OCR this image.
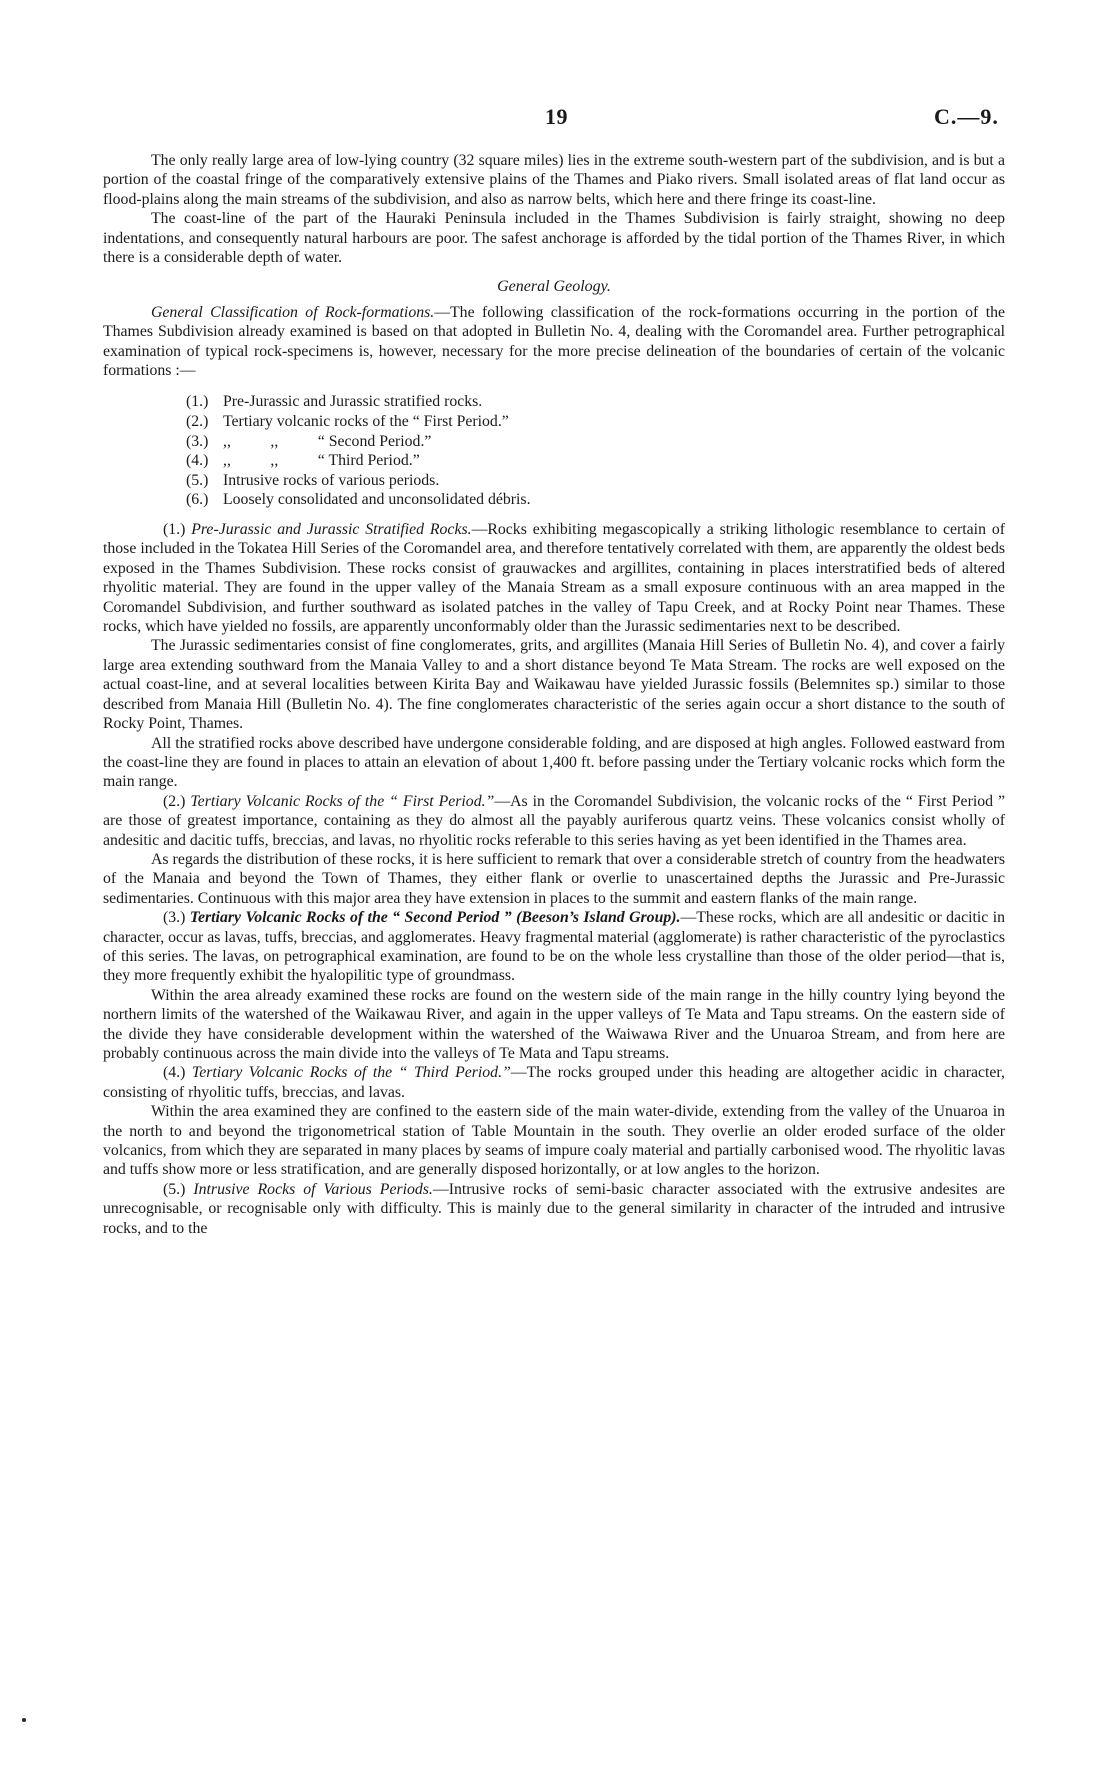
19	C.—9.

The only really large area of low-lying country (32 square miles) lies in the extreme south-western part of the subdivision, and is but a portion of the coastal fringe of the comparatively extensive plains of the Thames and Piako rivers. Small isolated areas of flat land occur as flood-plains along the main streams of the subdivision, and also as narrow belts, which here and there fringe its coast-line.

The coast-line of the part of the Hauraki Peninsula included in the Thames Subdivision is fairly straight, showing no deep indentations, and consequently natural harbours are poor. The safest anchorage is afforded by the tidal portion of the Thames River, in which there is a considerable depth of water.

General Geology.

General Classification of Rock-formations.—The following classification of the rock-formations occurring in the portion of the Thames Subdivision already examined is based on that adopted in Bulletin No. 4, dealing with the Coromandel area. Further petrographical examination of typical rock-specimens is, however, necessary for the more precise delineation of the boundaries of certain of the volcanic formations :—

(1.) Pre-Jurassic and Jurassic stratified rocks.
(2.) Tertiary volcanic rocks of the “ First Period.”
(3.) ,,          ,,          “ Second Period.”
(4.) ,,          ,,          “ Third Period.”
(5.) Intrusive rocks of various periods.
(6.) Loosely consolidated and unconsolidated débris.

(1.) Pre-Jurassic and Jurassic Stratified Rocks.—Rocks exhibiting megascopically a striking lithologic resemblance to certain of those included in the Tokatea Hill Series of the Coromandel area, and therefore tentatively correlated with them, are apparently the oldest beds exposed in the Thames Subdivision. These rocks consist of grauwackes and argillites, containing in places interstratified beds of altered rhyolitic material. They are found in the upper valley of the Manaia Stream as a small exposure continuous with an area mapped in the Coromandel Subdivision, and further southward as isolated patches in the valley of Tapu Creek, and at Rocky Point near Thames. These rocks, which have yielded no fossils, are apparently unconformably older than the Jurassic sedimentaries next to be described.

The Jurassic sedimentaries consist of fine conglomerates, grits, and argillites (Manaia Hill Series of Bulletin No. 4), and cover a fairly large area extending southward from the Manaia Valley to and a short distance beyond Te Mata Stream. The rocks are well exposed on the actual coast-line, and at several localities between Kirita Bay and Waikawau have yielded Jurassic fossils (Belemnites sp.) similar to those described from Manaia Hill (Bulletin No. 4). The fine conglomerates characteristic of the series again occur a short distance to the south of Rocky Point, Thames.

All the stratified rocks above described have undergone considerable folding, and are disposed at high angles. Followed eastward from the coast-line they are found in places to attain an elevation of about 1,400 ft. before passing under the Tertiary volcanic rocks which form the main range.

(2.) Tertiary Volcanic Rocks of the “ First Period.”—As in the Coromandel Subdivision, the volcanic rocks of the “ First Period ” are those of greatest importance, containing as they do almost all the payably auriferous quartz veins. These volcanics consist wholly of andesitic and dacitic tuffs, breccias, and lavas, no rhyolitic rocks referable to this series having as yet been identified in the Thames area.

As regards the distribution of these rocks, it is here sufficient to remark that over a considerable stretch of country from the headwaters of the Manaia and beyond the Town of Thames, they either flank or overlie to unascertained depths the Jurassic and Pre-Jurassic sedimentaries. Continuous with this major area they have extension in places to the summit and eastern flanks of the main range.

(3.) Tertiary Volcanic Rocks of the “ Second Period ” (Beeson’s Island Group).—These rocks, which are all andesitic or dacitic in character, occur as lavas, tuffs, breccias, and agglomerates. Heavy fragmental material (agglomerate) is rather characteristic of the pyroclastics of this series. The lavas, on petrographical examination, are found to be on the whole less crystalline than those of the older period—that is, they more frequently exhibit the hyalopilitic type of groundmass.

Within the area already examined these rocks are found on the western side of the main range in the hilly country lying beyond the northern limits of the watershed of the Waikawau River, and again in the upper valleys of Te Mata and Tapu streams. On the eastern side of the divide they have considerable development within the watershed of the Waiwawa River and the Unuaroa Stream, and from here are probably continuous across the main divide into the valleys of Te Mata and Tapu streams.

(4.) Tertiary Volcanic Rocks of the “ Third Period.”—The rocks grouped under this heading are altogether acidic in character, consisting of rhyolitic tuffs, breccias, and lavas.

Within the area examined they are confined to the eastern side of the main water-divide, extending from the valley of the Unuaroa in the north to and beyond the trigonometrical station of Table Mountain in the south. They overlie an older eroded surface of the older volcanics, from which they are separated in many places by seams of impure coaly material and partially carbonised wood. The rhyolitic lavas and tuffs show more or less stratification, and are generally disposed horizontally, or at low angles to the horizon.

(5.) Intrusive Rocks of Various Periods.—Intrusive rocks of semi-basic character associated with the extrusive andesites are unrecognisable, or recognisable only with difficulty. This is mainly due to the general similarity in character of the intruded and intrusive rocks, and to the
